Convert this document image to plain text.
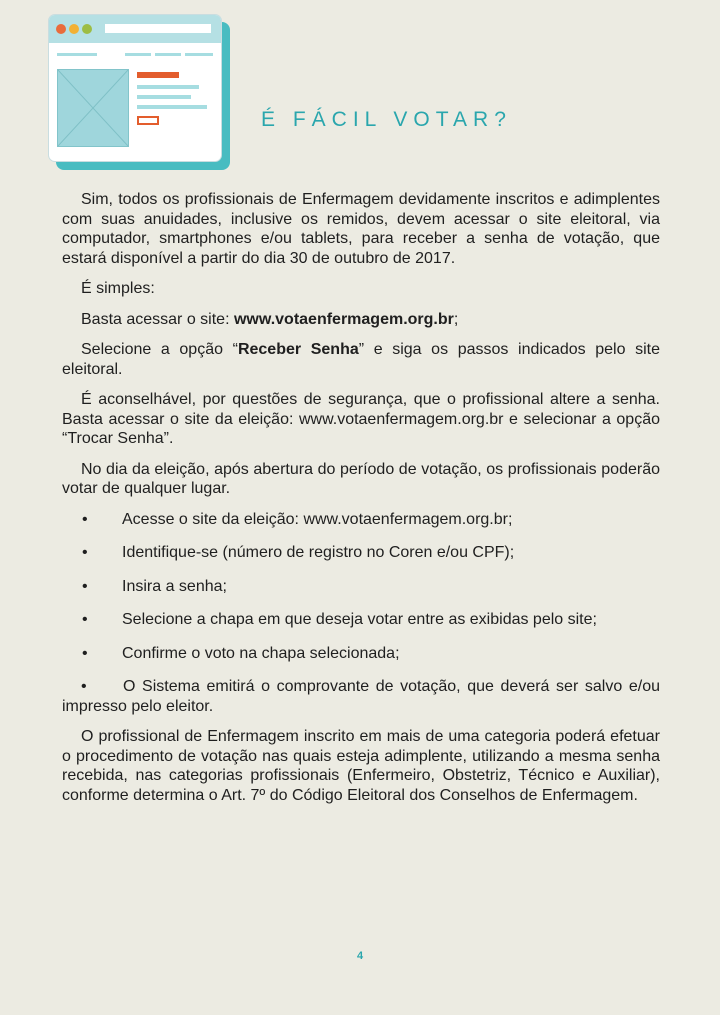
É FÁCIL VOTAR?

Sim, todos os profissionais de Enfermagem devidamente inscritos e adimplentes com suas anuidades, inclusive os remidos, devem acessar o site eleitoral, via computador, smartphones e/ou tablets, para receber a senha de votação, que estará disponível a partir do dia 30 de outubro de 2017.

É simples:

Basta acessar o site: www.votaenfermagem.org.br;

Selecione a opção “Receber Senha” e siga os passos indicados pelo site eleitoral.

É aconselhável, por questões de segurança, que o profissional altere a senha. Basta acessar o site da eleição: www.votaenfermagem.org.br e selecionar a opção “Trocar Senha”.

No dia da eleição, após abertura do período de votação, os profissionais poderão votar de qualquer lugar.

• Acesse o site da eleição: www.votaenfermagem.org.br;
• Identifique-se (número de registro no Coren e/ou CPF);
• Insira a senha;
• Selecione a chapa em que deseja votar entre as exibidas pelo site;
• Confirme o voto na chapa selecionada;

• O Sistema emitirá o comprovante de votação, que deverá ser salvo e/ou impresso pelo eleitor.

O profissional de Enfermagem inscrito em mais de uma categoria poderá efetuar o procedimento de votação nas quais esteja adimplente, utilizando a mesma senha recebida, nas categorias profissionais (Enfermeiro, Obstetriz, Técnico e Auxiliar), conforme determina o Art. 7º do Código Eleitoral dos Conselhos de Enfermagem.

4
